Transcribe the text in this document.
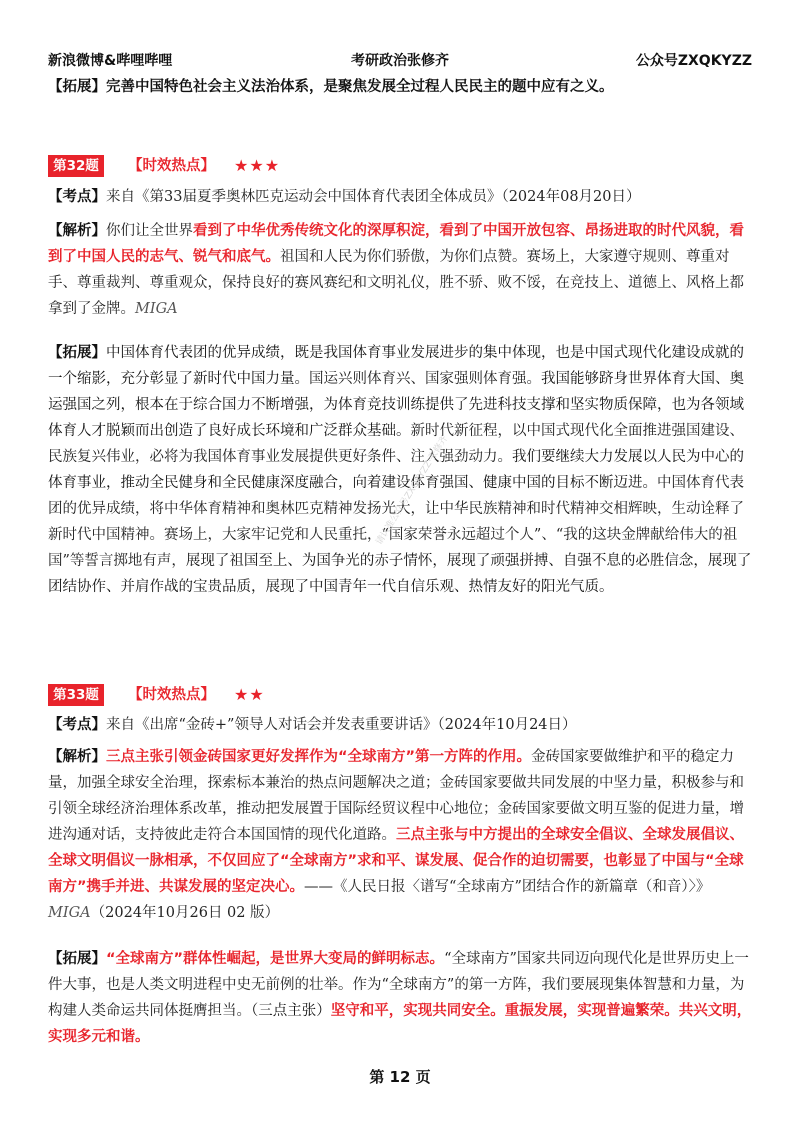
新浪微博&哔哩哔哩	考研政治张修齐	公众号ZXQKYZZ
【拓展】完善中国特色社会主义法治体系，是聚焦发展全过程人民民主的题中应有之义。
第32题	【时效热点】 ★★★
【考点】来自《第33届夏季奥林匹克运动会中国体育代表团全体成员》（2024年08月20日）
【解析】你们让全世界看到了中华优秀传统文化的深厚积淀，看到了中国开放包容、昂扬进取的时代风貌，看到了中国人民的志气、锐气和底气。祖国和人民为你们骄傲，为你们点赞。赛场上，大家遵守规则、尊重对手、尊重裁判、尊重观众，保持良好的赛风赛纪和文明礼仪，胜不骄、败不馁，在竞技上、道德上、风格上都拿到了金牌。MIGA
【拓展】中国体育代表团的优异成绩，既是我国体育事业发展进步的集中体现，也是中国式现代化建设成就的一个缩影，充分彰显了新时代中国力量。国运兴则体育兴、国家强则体育强。我国能够跻身世界体育大国、奥运强国之列，根本在于综合国力不断增强，为体育竞技训练提供了先进科技支撑和坚实物质保障，也为各领域体育人才脱颖而出创造了良好成长环境和广泛群众基础。新时代新征程，以中国式现代化全面推进强国建设、民族复兴伟业，必将为我国体育事业发展提供更好条件、注入强劲动力。我们要继续大力发展以人民为中心的体育事业，推动全民健身和全民健康深度融合，向着建设体育强国、健康中国的目标不断迈进。中国体育代表团的优异成绩，将中华体育精神和奥林匹克精神发扬光大，让中华民族精神和时代精神交相辉映，生动诠释了新时代中国精神。赛场上，大家牢记党和人民重托，“国家荣誉永远超过个人”、“我的这块金牌献给伟大的祖国”等誓言掷地有声，展现了祖国至上、为国争光的赤子情怀，展现了顽强拼搏、自强不息的必胜信念，展现了团结协作、并肩作战的宝贵品质，展现了中国青年一代自信乐观、热情友好的阳光气质。
第33题	【时效热点】 ★★
【考点】来自《出席“金砖+”领导人对话会并发表重要讲话》（2024年10月24日）
【解析】三点主张引领金砖国家更好发挥作为“全球南方”第一方阵的作用。金砖国家要做维护和平的稳定力量，加强全球安全治理，探索标本兼治的热点问题解决之道；金砖国家要做共同发展的中坚力量，积极参与和引领全球经济治理体系改革，推动把发展置于国际经贸议程中心地位；金砖国家要做文明互鉴的促进力量，增进沟通对话，支持彼此走符合本国国情的现代化道路。三点主张与中方提出的全球安全倡议、全球发展倡议、全球文明倡议一脉相承，不仅回应了“全球南方”求和平、谋发展、促合作的迫切需要，也彰显了中国与“全球南方”携手并进、共谋发展的坚定决心。——《人民日报〈谱写“全球南方”团结合作的新篇章（和音）〉》MIGA（2024年10月26日 02 版）
【拓展】“全球南方”群体性崛起，是世界大变局的鲜明标志。“全球南方”国家共同迈向现代化是世界历史上一件大事，也是人类文明进程中史无前例的壮举。作为“全球南方”的第一方阵，我们要展现集体智慧和力量，为构建人类命运共同体挺膺担当。（三点主张）坚守和平，实现共同安全。重振发展，实现普遍繁荣。共兴文明，实现多元和谐。
请认准公众号ZXQKYZZ·张修齐
第 12 页
